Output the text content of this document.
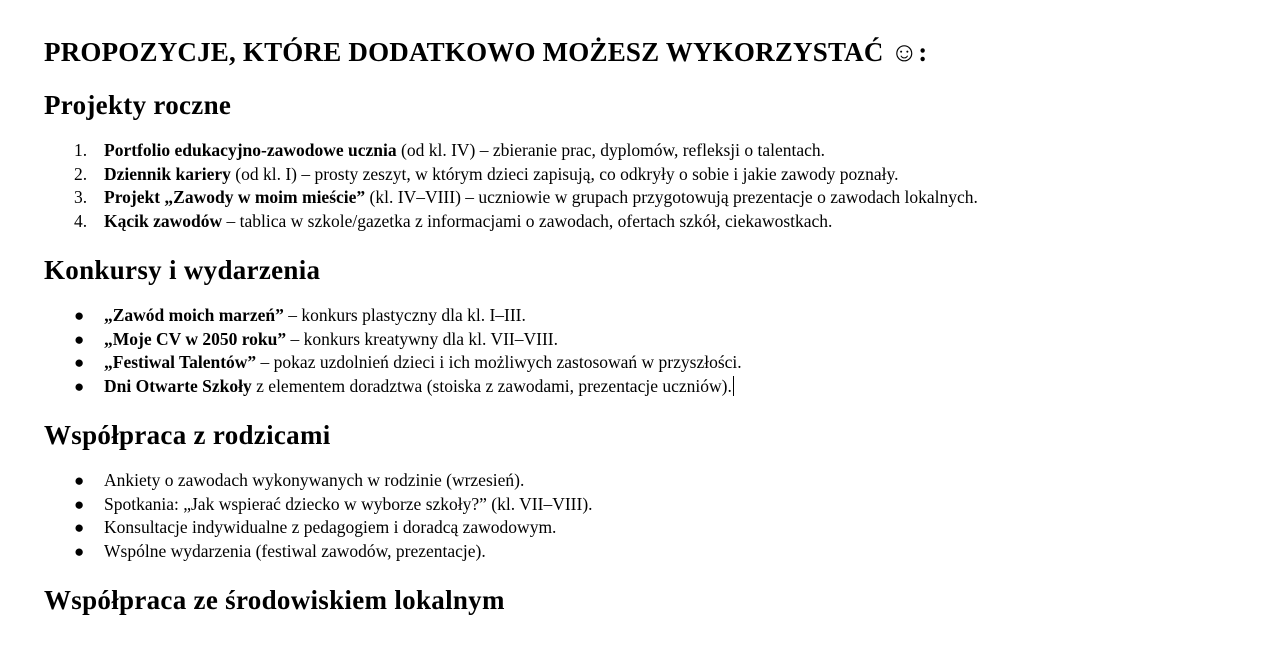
PROPOZYCJE, KTÓRE DODATKOWO MOŻESZ WYKORZYSTAĆ ☺:
Projekty roczne
1. Portfolio edukacyjno-zawodowe ucznia (od kl. IV) – zbieranie prac, dyplomów, refleksji o talentach.
2. Dziennik kariery (od kl. I) – prosty zeszyt, w którym dzieci zapisują, co odkryły o sobie i jakie zawody poznały.
3. Projekt „Zawody w moim mieście” (kl. IV–VIII) – uczniowie w grupach przygotowują prezentacje o zawodach lokalnych.
4. Kącik zawodów – tablica w szkole/gazetka z informacjami o zawodach, ofertach szkół, ciekawostkach.
Konkursy i wydarzenia
● „Zawód moich marzeń” – konkurs plastyczny dla kl. I–III.
● „Moje CV w 2050 roku” – konkurs kreatywny dla kl. VII–VIII.
● „Festiwal Talentów” – pokaz uzdolnień dzieci i ich możliwych zastosowań w przyszłości.
● Dni Otwarte Szkoły z elementem doradztwa (stoiska z zawodami, prezentacje uczniów).
Współpraca z rodzicami
● Ankiety o zawodach wykonywanych w rodzinie (wrzesień).
● Spotkania: „Jak wspierać dziecko w wyborze szkoły?” (kl. VII–VIII).
● Konsultacje indywidualne z pedagogiem i doradcą zawodowym.
● Wspólne wydarzenia (festiwal zawodów, prezentacje).
Współpraca ze środowiskiem lokalnym
